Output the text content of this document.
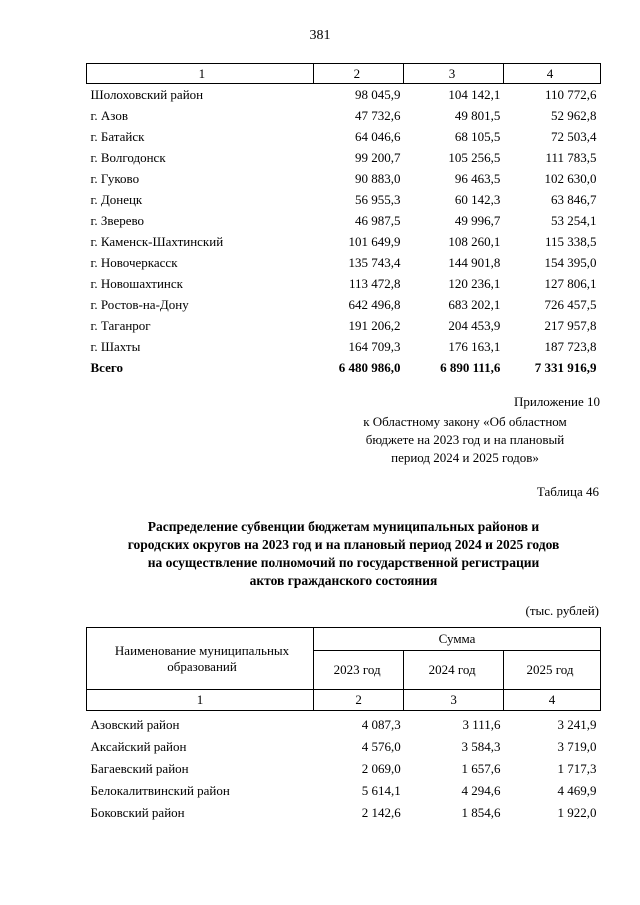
381
1	2	3	4
Шолоховский район	98 045,9	104 142,1	110 772,6
г. Азов	47 732,6	49 801,5	52 962,8
г. Батайск	64 046,6	68 105,5	72 503,4
г. Волгодонск	99 200,7	105 256,5	111 783,5
г. Гуково	90 883,0	96 463,5	102 630,0
г. Донецк	56 955,3	60 142,3	63 846,7
г. Зверево	46 987,5	49 996,7	53 254,1
г. Каменск-Шахтинский	101 649,9	108 260,1	115 338,5
г. Новочеркасск	135 743,4	144 901,8	154 395,0
г. Новошахтинск	113 472,8	120 236,1	127 806,1
г. Ростов-на-Дону	642 496,8	683 202,1	726 457,5
г. Таганрог	191 206,2	204 453,9	217 957,8
г. Шахты	164 709,3	176 163,1	187 723,8
Всего	6 480 986,0	6 890 111,6	7 331 916,9
Приложение 10
к Областному закону «Об областном
бюджете на 2023 год и на плановый
период 2024 и 2025 годов»
Таблица 46
Распределение субвенции бюджетам муниципальных районов и
городских округов на 2023 год и на плановый период 2024 и 2025 годов
на осуществление полномочий по государственной регистрации
актов гражданского состояния
(тыс. рублей)
Наименование муниципальных
образований	Сумма		
	2023 год	2024 год	2025 год
1	2	3	4
Азовский район	4 087,3	3 111,6	3 241,9
Аксайский район	4 576,0	3 584,3	3 719,0
Багаевский район	2 069,0	1 657,6	1 717,3
Белокалитвинский район	5 614,1	4 294,6	4 469,9
Боковский район	2 142,6	1 854,6	1 922,0
